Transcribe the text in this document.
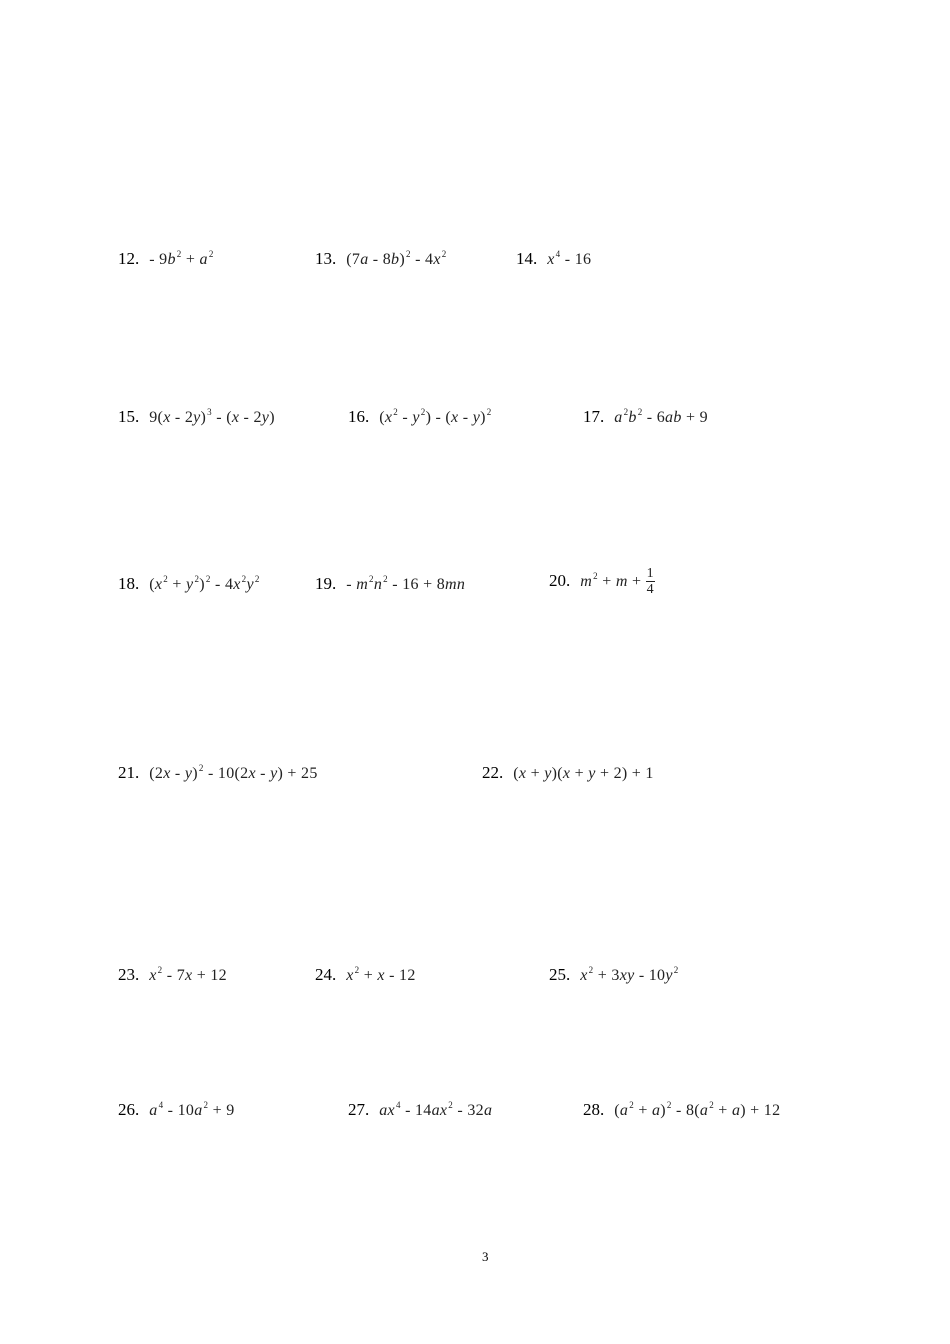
12. - $9b^2 + a^2$	13. $(7a - 8b)^2 - 4x^2$	14. $x^4 - 16$
15. 9(x - 2y)$^3$ - (x - 2y)	16. $(x^2 - y^2) - (x - y)^2$	17. $a^2b^2 - 6ab + 9$
18. $(x^2 + y^2)^2 - 4x^2y^2$	19. - $m^2n^2 - 16 + 8mn$	20. $m^2 + m + \frac{1}{4}$
21. (2x - y)$^2$ - 10(2x - y) + 25	22. (x + y)(x + y + 2) + 1
23. $x^2 - 7x + 12$	24. $x^2 + x - 12$	25. $x^2 + 3xy - 10y^2$
26. $a^4 - 10a^2 + 9$	27. $ax^4 - 14ax^2 - 32a$	28. $(a^2 + a)^2 - 8(a^2 + a) + 12$
3
